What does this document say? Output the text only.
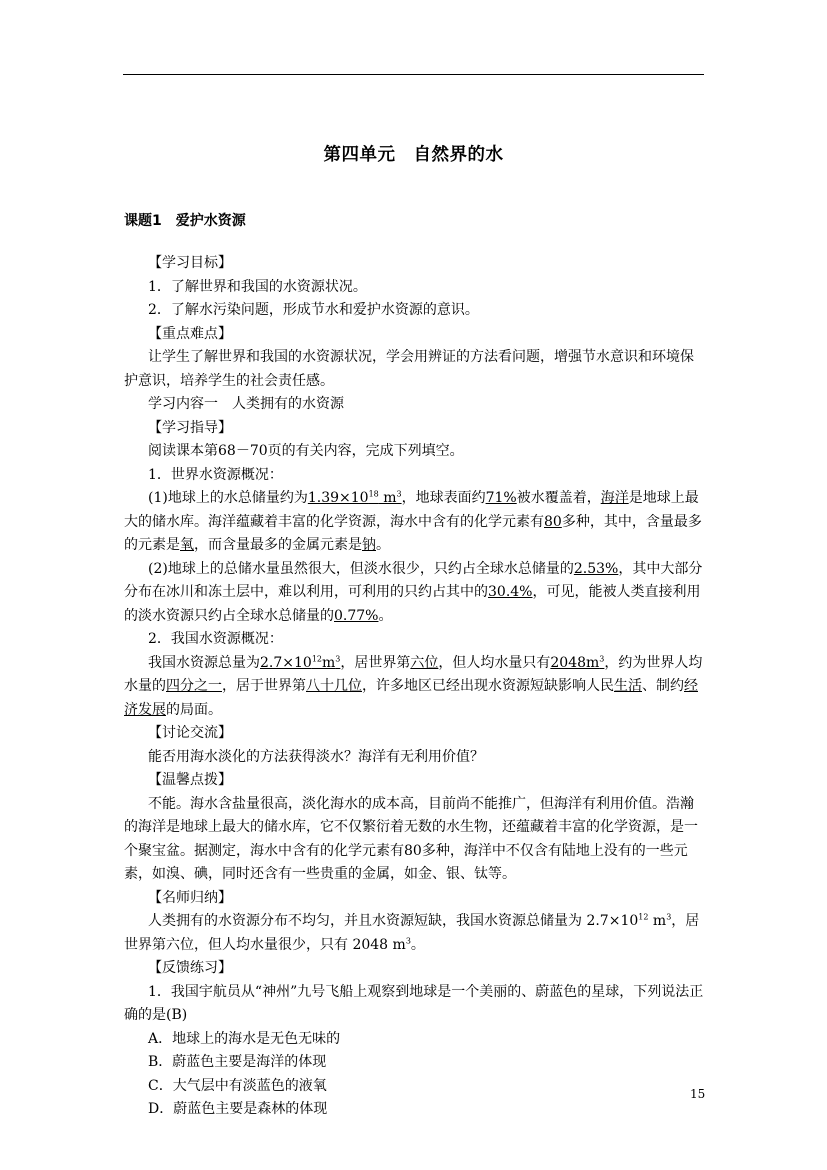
第四单元　自然界的水
课题1　爱护水资源

【学习目标】

1．了解世界和我国的水资源状况。

2．了解水污染问题，形成节水和爱护水资源的意识。

【重点难点】

让学生了解世界和我国的水资源状况，学会用辨证的方法看问题，增强节水意识和环境保护意识，培养学生的社会责任感。

学习内容一　人类拥有的水资源

【学习指导】

阅读课本第68－70页的有关内容，完成下列填空。

1．世界水资源概况：

(1)地球上的水总储量约为$1.39\times 10^{18}$ $m^3$，地球表面约71%被水覆盖着，海洋是地球上最大的储水库。海洋蕴藏着丰富的化学资源，海水中含有的化学元素有80多种，其中，含量最多的元素是氧，而含量最多的金属元素是钠。

(2)地球上的总储水量虽然很大，但淡水很少，只约占全球水总储量的2.53%，其中大部分分布在冰川和冻土层中，难以利用，可利用的只约占其中的30.4%，可见，能被人类直接利用的淡水资源只约占全球水总储量的0.77%。

2．我国水资源概况：

我国水资源总量为$2.7\times 10^{12}m^3$，居世界第六位，但人均水量只有$2048m^3$，约为世界人均水量的四分之一，居于世界第八十几位，许多地区已经出现水资源短缺影响人民生活、制约经济发展的局面。

【讨论交流】

能否用海水淡化的方法获得淡水？海洋有无利用价值？

【温馨点拨】

不能。海水含盐量很高，淡化海水的成本高，目前尚不能推广，但海洋有利用价值。浩瀚的海洋是地球上最大的储水库，它不仅繁衍着无数的水生物，还蕴藏着丰富的化学资源，是一个聚宝盆。据测定，海水中含有的化学元素有80多种，海洋中不仅含有陆地上没有的一些元素，如溴、碘，同时还含有一些贵重的金属，如金、银、钛等。

【名师归纳】

人类拥有的水资源分布不均匀，并且水资源短缺，我国水资源总储量为 $2.7\times 10^{12}$ $m^3$，居世界第六位，但人均水量很少，只有 2048 $m^3$。

【反馈练习】

1．我国宇航员从“神州”九号飞船上观察到地球是一个美丽的、蔚蓝色的星球，下列说法正确的是(B)

A．地球上的海水是无色无味的

B．蔚蓝色主要是海洋的体现

C．大气层中有淡蓝色的液氧

D．蔚蓝色主要是森林的体现

15
